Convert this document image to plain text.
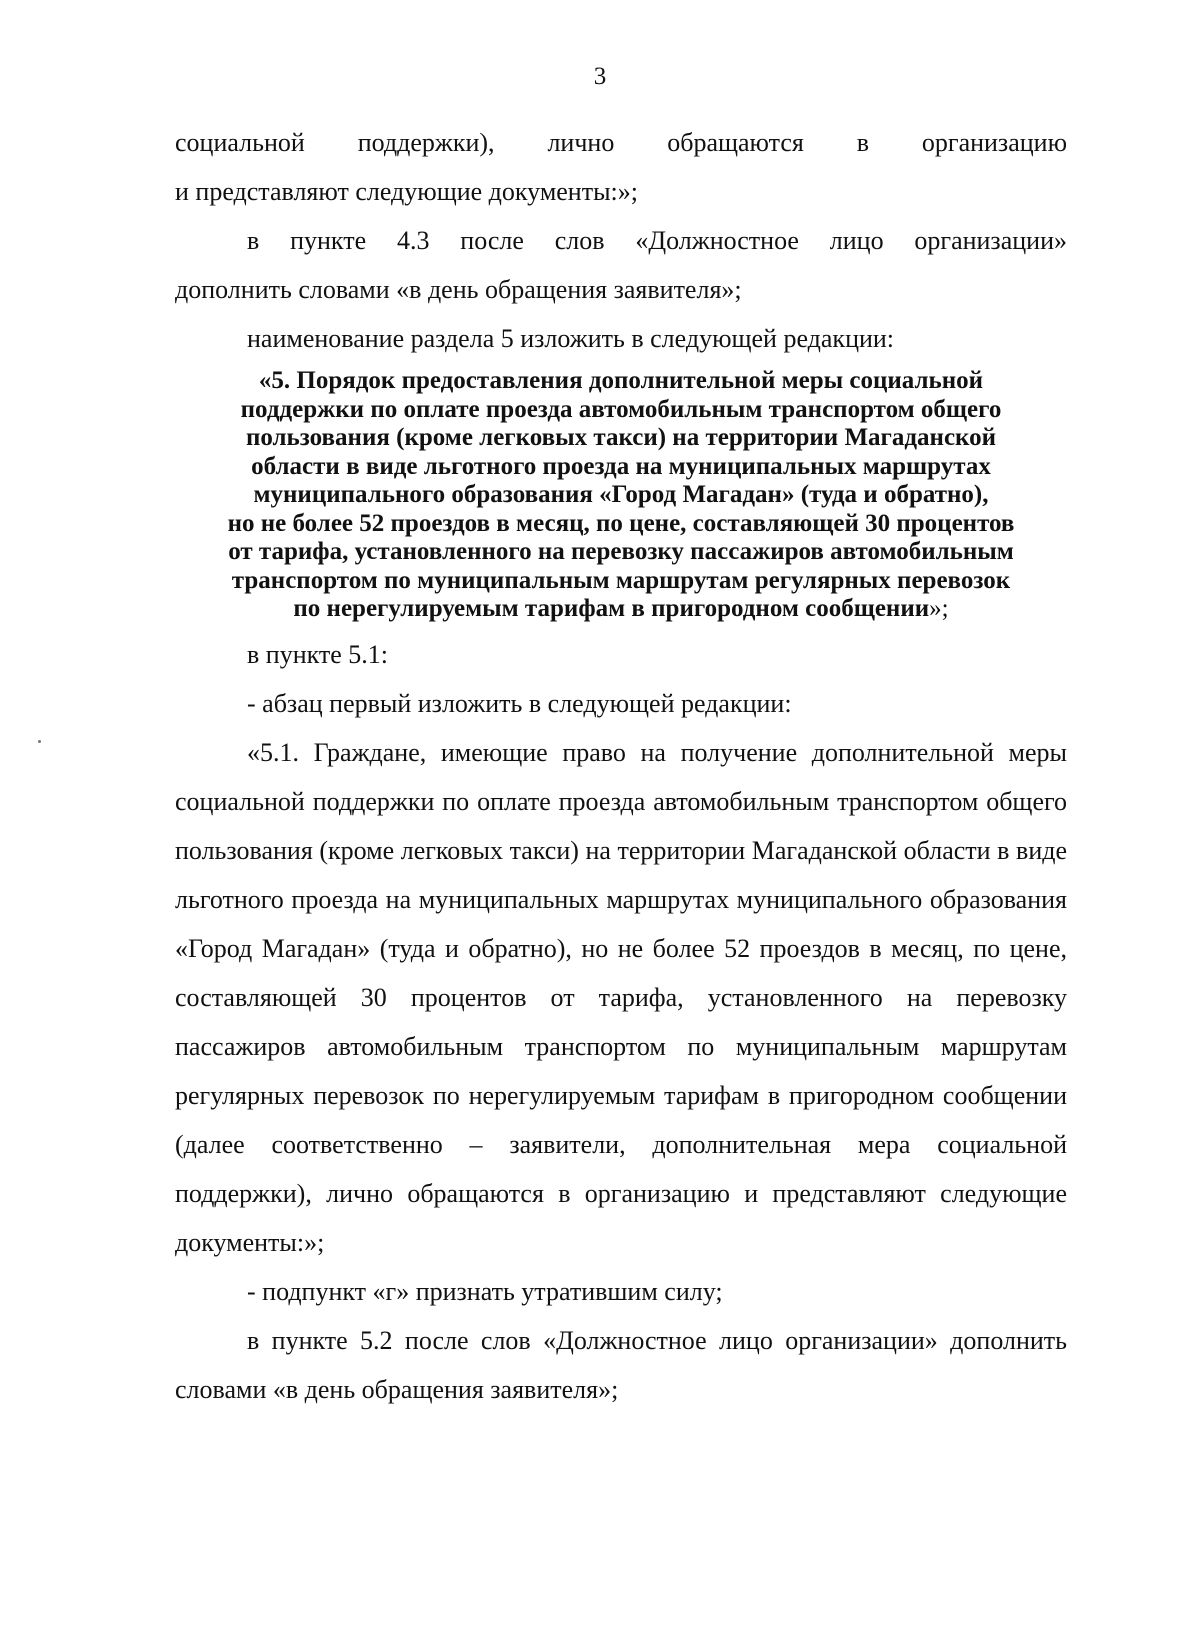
3

социальной поддержки), лично обращаются в организацию

и представляют следующие документы:»;

в пункте 4.3 после слов «Должностное лицо организации»

дополнить словами «в день обращения заявителя»;

наименование раздела 5 изложить в следующей редакции:

«5. Порядок предоставления дополнительной меры социальной
поддержки по оплате проезда автомобильным транспортом общего
пользования (кроме легковых такси) на территории Магаданской
области в виде льготного проезда на муниципальных маршрутах
муниципального образования «Город Магадан» (туда и обратно),
но не более 52 проездов в месяц, по цене, составляющей 30 процентов
от тарифа, установленного на перевозку пассажиров автомобильным
транспортом по муниципальным маршрутам регулярных перевозок
по нерегулируемым тарифам в пригородном сообщении»;

в пункте 5.1:

- абзац первый изложить в следующей редакции:

«5.1. Граждане, имеющие право на получение дополнительной меры социальной поддержки по оплате проезда автомобильным транспортом общего пользования (кроме легковых такси) на территории Магаданской области в виде льготного проезда на муниципальных маршрутах муниципального образования «Город Магадан» (туда и обратно), но не более 52 проездов в месяц, по цене, составляющей 30 процентов от тарифа, установленного на перевозку пассажиров автомобильным транспортом по муниципальным маршрутам регулярных перевозок по нерегулируемым тарифам в пригородном сообщении (далее соответственно – заявители, дополнительная мера социальной поддержки), лично обращаются в организацию и представляют следующие документы:»;

- подпункт «г» признать утратившим силу;

в пункте 5.2 после слов «Должностное лицо организации» дополнить словами «в день обращения заявителя»;
